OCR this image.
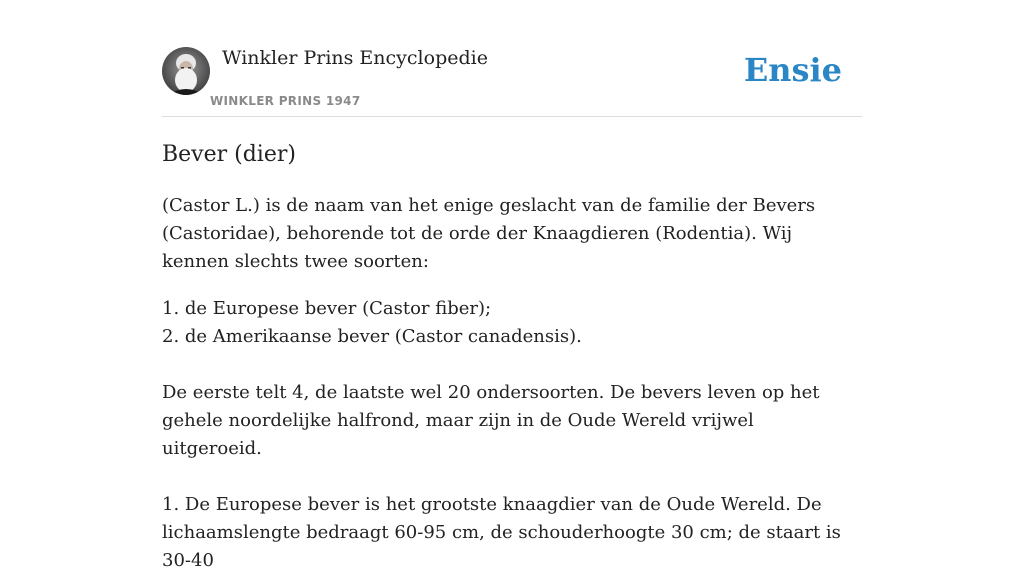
Winkler Prins Encyclopedie
WINKLER PRINS 1947
Ensie
Bever (dier)

(Castor L.) is de naam van het enige geslacht van de familie der Bevers (Castoridae), behorende tot de orde der Knaagdieren (Rodentia). Wij kennen slechts twee soorten:

1. de Europese bever (Castor fiber);
2. de Amerikaanse bever (Castor canadensis).

De eerste telt 4, de laatste wel 20 ondersoorten. De bevers leven op het gehele noordelijke halfrond, maar zijn in de Oude Wereld vrijwel uitgeroeid.

1. De Europese bever is het grootste knaagdier van de Oude Wereld. De lichaamslengte bedraagt 60-95 cm, de schouderhoogte 30 cm; de staart is 30-40
